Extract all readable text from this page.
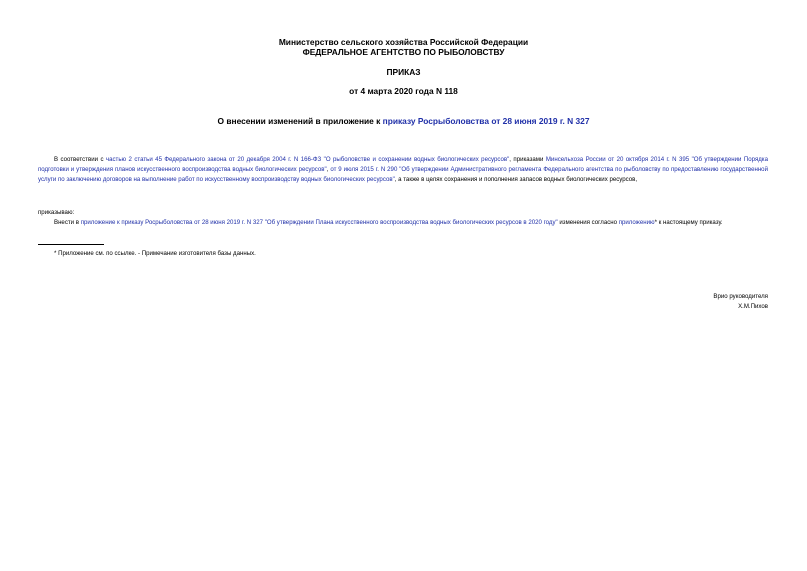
Министерство сельского хозяйства Российской Федерации
ФЕДЕРАЛЬНОЕ АГЕНТСТВО ПО РЫБОЛОВСТВУ
ПРИКАЗ
от 4 марта 2020 года N 118
О внесении изменений в приложение к приказу Росрыболовства от 28 июня 2019 г. N 327
В соответствии с частью 2 статьи 45 Федерального закона от 20 декабря 2004 г. N 166-ФЗ "О рыболовстве и сохранении водных биологических ресурсов", приказами Минсельхоза России от 20 октября 2014 г. N 395 "Об утверждении Порядка подготовки и утверждения планов искусственного воспроизводства водных биологических ресурсов", от 9 июля 2015 г. N 290 "Об утверждении Административного регламента Федерального агентства по рыболовству по предоставлению государственной услуги по заключению договоров на выполнение работ по искусственному воспроизводству водных биологических ресурсов", а также в целях сохранения и пополнения запасов водных биологических ресурсов,
приказываю:
Внести в приложение к приказу Росрыболовства от 28 июня 2019 г. N 327 "Об утверждении Плана искусственного воспроизводства водных биологических ресурсов в 2020 году" изменения согласно приложению* к настоящему приказу.
* Приложение см. по ссылке. - Примечание изготовителя базы данных.
Врио руководителя
Х.М.Пихов
